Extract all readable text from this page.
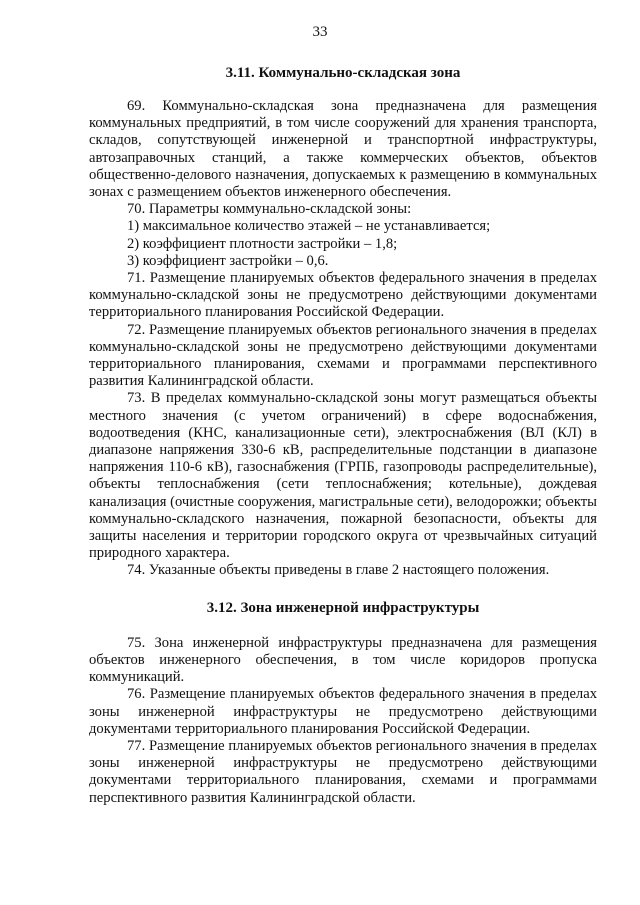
33
3.11. Коммунально-складская зона

69. Коммунально-складская зона предназначена для размещения коммунальных предприятий, в том числе сооружений для хранения транспорта, складов, сопутствующей инженерной и транспортной инфраструктуры, автозаправочных станций, а также коммерческих объектов, объектов общественно-делового назначения, допускаемых к размещению в коммунальных зонах с размещением объектов инженерного обеспечения.

70. Параметры коммунально-складской зоны:

1) максимальное количество этажей – не устанавливается;

2) коэффициент плотности застройки – 1,8;

3) коэффициент застройки – 0,6.

71. Размещение планируемых объектов федерального значения в пределах коммунально-складской зоны не предусмотрено действующими документами территориального планирования Российской Федерации.

72. Размещение планируемых объектов регионального значения в пределах коммунально-складской зоны не предусмотрено действующими документами территориального планирования, схемами и программами перспективного развития Калининградской области.

73. В пределах коммунально-складской зоны могут размещаться объекты местного значения (с учетом ограничений) в сфере водоснабжения, водоотведения (КНС, канализационные сети), электроснабжения (ВЛ (КЛ) в диапазоне напряжения 330-6 кВ, распределительные подстанции в диапазоне напряжения 110-6 кВ), газоснабжения (ГРПБ, газопроводы распределительные), объекты теплоснабжения (сети теплоснабжения; котельные), дождевая канализация (очистные сооружения, магистральные сети), велодорожки; объекты коммунально-складского назначения, пожарной безопасности, объекты для защиты населения и территории городского округа от чрезвычайных ситуаций природного характера.

74. Указанные объекты приведены в главе 2 настоящего положения.

3.12. Зона инженерной инфраструктуры

75. Зона инженерной инфраструктуры предназначена для размещения объектов инженерного обеспечения, в том числе коридоров пропуска коммуникаций.

76. Размещение планируемых объектов федерального значения в пределах зоны инженерной инфраструктуры не предусмотрено действующими документами территориального планирования Российской Федерации.

77. Размещение планируемых объектов регионального значения в пределах зоны инженерной инфраструктуры не предусмотрено действующими документами территориального планирования, схемами и программами перспективного развития Калининградской области.
